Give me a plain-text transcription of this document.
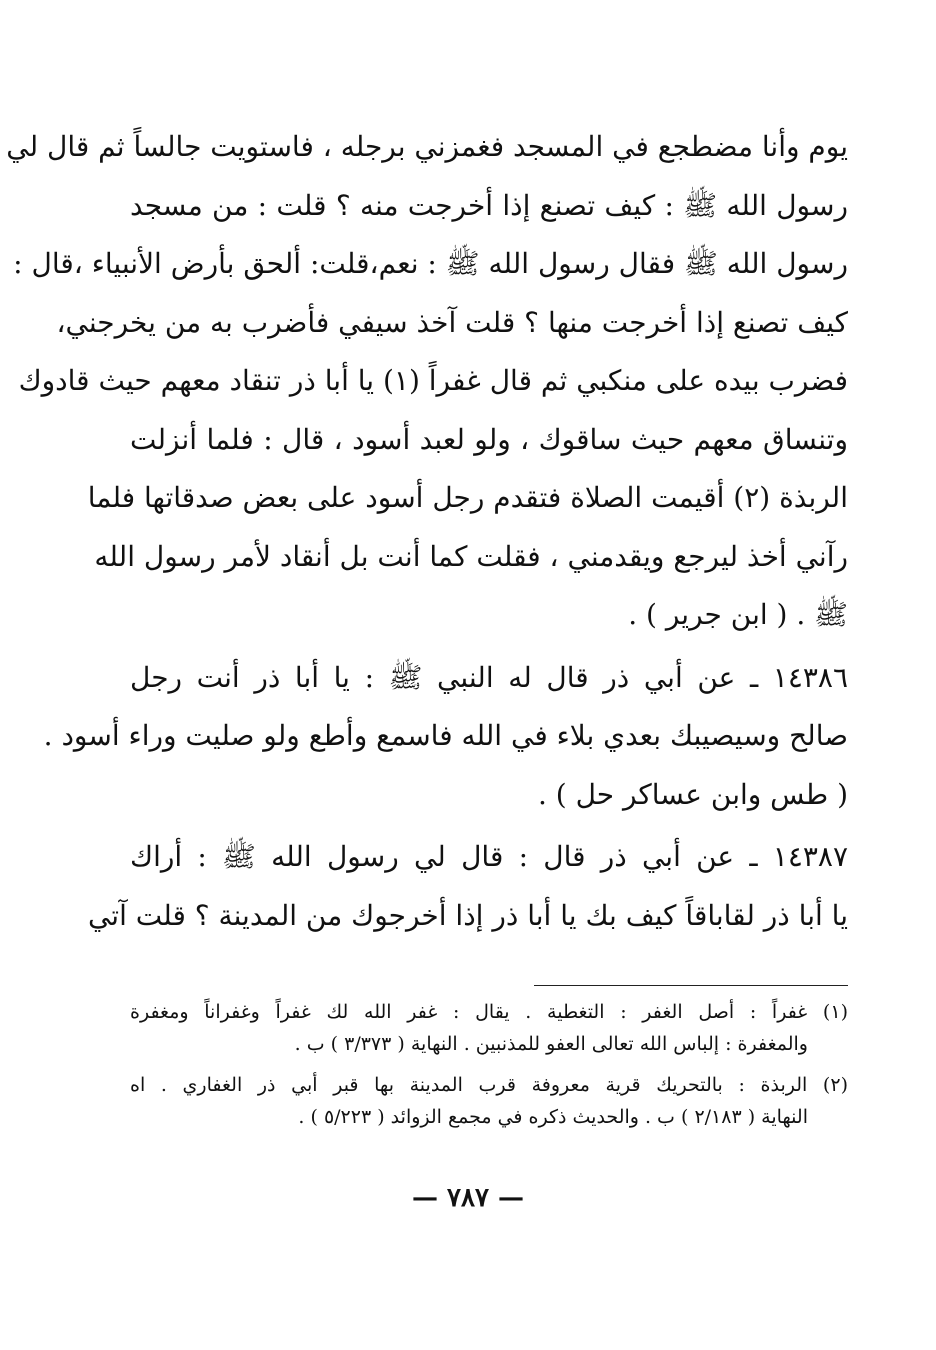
يوم وأنا مضطجع في المسجد فغمزني برجله ، فاستويت جالساً ثم قال لي
رسول الله ﷺ : كيف تصنع إذا أخرجت منه ؟ قلت : من مسجد
رسول الله ﷺ فقال رسول الله ﷺ : نعم،قلت: ألحق بأرض الأنبياء ،قال :
كيف تصنع إذا أخرجت منها ؟ قلت آخذ سيفي فأضرب به من يخرجني،
فضرب بيده على منكبي ثم قال غفراً (١) يا أبا ذر تنقاد معهم حيث قادوك
وتنساق معهم حيث ساقوك ، ولو لعبد أسود ، قال : فلما أنزلت
الربذة (٢) أقيمت الصلاة فتقدم رجل أسود على بعض صدقاتها فلما
رآني أخذ ليرجع ويقدمني ، فقلت كما أنت بل أنقاد لأمر رسول الله
ﷺ . ( ابن جرير ) .
١٤٣٨٦ ـ عن أبي ذر قال له النبي ﷺ : يا أبا ذر أنت رجل
صالح وسيصيبك بعدي بلاء في الله فاسمع وأطع ولو صليت وراء أسود .
( طس وابن عساكر حل ) .
١٤٣٨٧ ـ عن أبي ذر قال : قال لي رسول الله ﷺ : أراك
يا أبا ذر لقاباقاً كيف بك يا أبا ذر إذا أخرجوك من المدينة ؟ قلت آتي
(١) غفراً : أصل الغفر : التغطية . يقال : غفر الله لك غفراً وغفراناً ومغفرة
والمغفرة : إلباس الله تعالى العفو للمذنبين . النهاية ( ٣/٣٧٣ ) ب .
(٢) الربذة : بالتحريك قرية معروفة قرب المدينة بها قبر أبي ذر الغفاري . اه
النهاية ( ٢/١٨٣ ) ب . والحديث ذكره في مجمع الزوائد ( ٥/٢٢٣ ) .
— ٧٨٧ —
